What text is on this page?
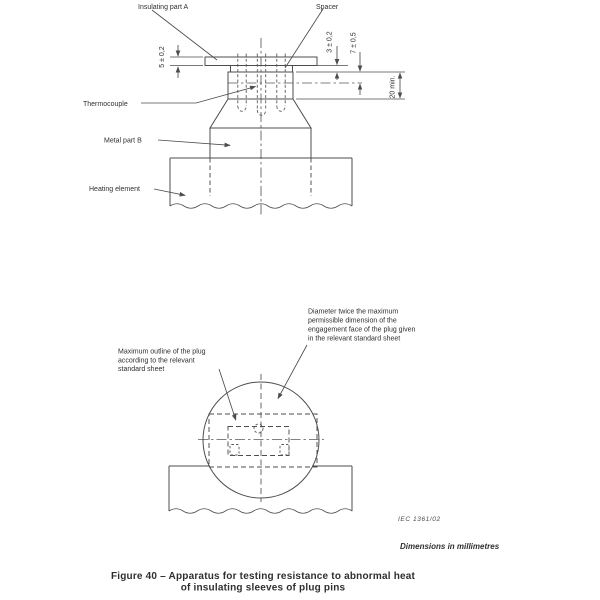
Insulating part A	Spacer
Thermocouple
Metal part B
Heating element
5 ± 0,2
3 ± 0,2 7 ± 0,5
20 min.
Maximum outline of the plug
according to the relevant
standard sheet
Diameter twice the maximum
permissible dimension of the
engagement face of the plug given
in the relevant standard sheet
IEC 1361/02
Dimensions in millimetres
Figure 40 – Apparatus for testing resistance to abnormal heat
of insulating sleeves of plug pins
